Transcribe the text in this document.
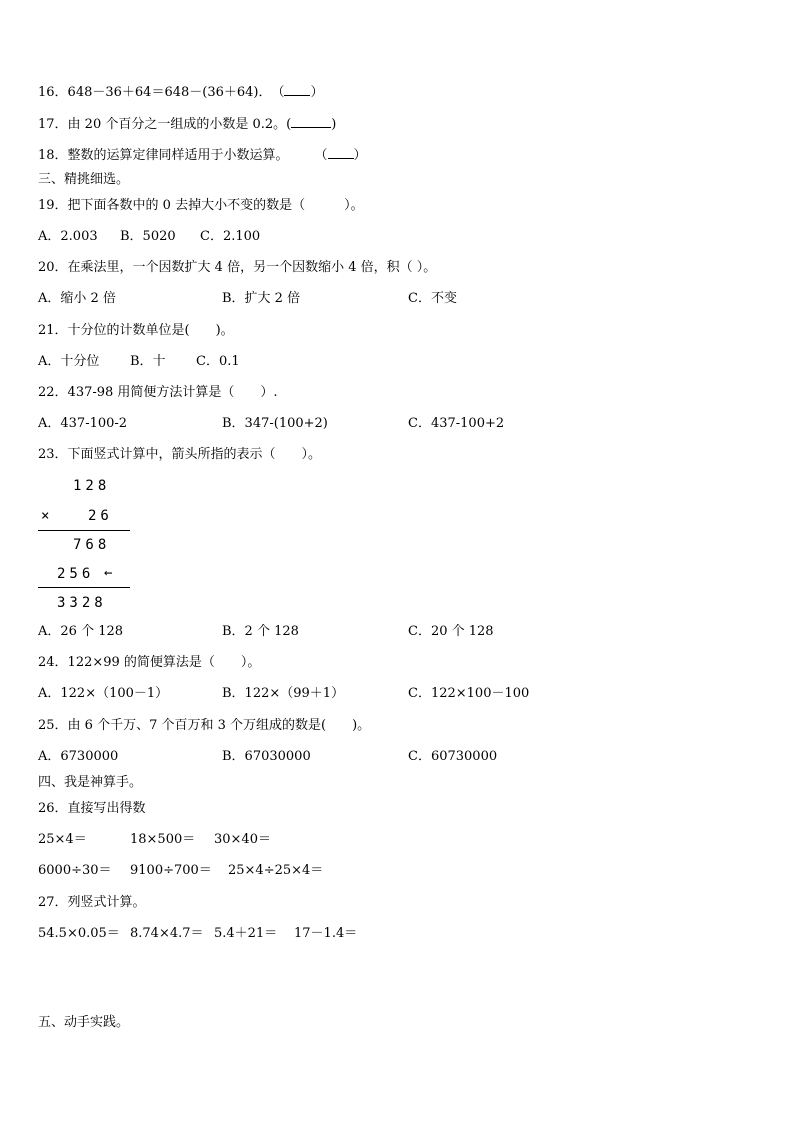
16．648－36＋64＝648－(36＋64)．　（ ）
17．由 20 个百分之一组成的小数是 0.2。(	)
18．整数的运算定律同样适用于小数运算。　　　（ ）
三、精挑细选。
19．把下面各数中的 0 去掉大小不变的数是（　　　）。
A．2.003 B．5020 C．2.100
20．在乘法里，一个因数扩大 4 倍，另一个因数缩小 4 倍，积（ ）。
A．缩小 2 倍	B．扩大 2 倍	C．不变
21．十分位的计数单位是(　　)。
A．十分位 B．十 C．0.1
22．437-98 用简便方法计算是（　　）.
A．437-100-2	B．347-(100+2)	C．437-100+2
23．下面竖式计算中，箭头所指的表示（　　）。
128
× 26
768
256 ←
3328
A．26 个 128	B．2 个 128	C．20 个 128
24．122×99 的简便算法是（　　）。
A．122×（100－1）	B．122×（99＋1）	C．122×100－100
25．由 6 个千万、7 个百万和 3 个万组成的数是(　　)。
A．6730000	B．67030000	C．60730000
四、我是神算手。
26．直接写出得数
25×4＝	18×500＝ 30×40＝
6000÷30＝ 9100÷700＝ 25×4÷25×4＝
27．列竖式计算。
54.5×0.05＝ 8.74×4.7＝ 5.4＋21＝ 17－1.4＝
五、动手实践。
